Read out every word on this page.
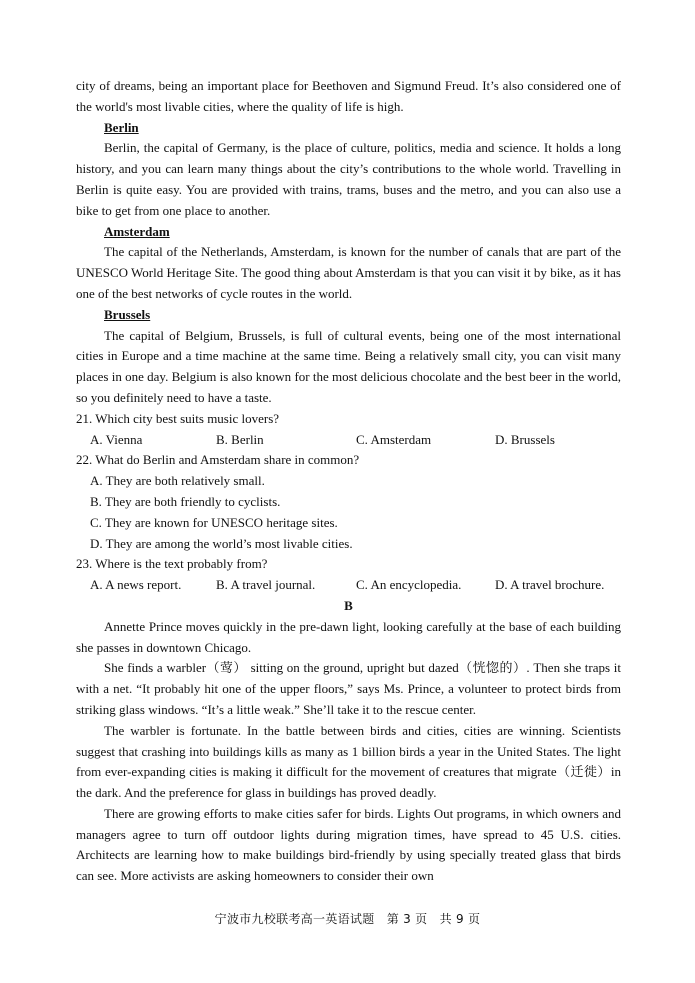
city of dreams, being an important place for Beethoven and Sigmund Freud. It’s also considered one of the world's most livable cities, where the quality of life is high.

Berlin

Berlin, the capital of Germany, is the place of culture, politics, media and science. It holds a long history, and you can learn many things about the city’s contributions to the whole world. Travelling in Berlin is quite easy. You are provided with trains, trams, buses and the metro, and you can also use a bike to get from one place to another.

Amsterdam

The capital of the Netherlands, Amsterdam, is known for the number of canals that are part of the UNESCO World Heritage Site. The good thing about Amsterdam is that you can visit it by bike, as it has one of the best networks of cycle routes in the world.

Brussels

The capital of Belgium, Brussels, is full of cultural events, being one of the most international cities in Europe and a time machine at the same time. Being a relatively small city, you can visit many places in one day. Belgium is also known for the most delicious chocolate and the best beer in the world, so you definitely need to have a taste.

21. Which city best suits music lovers?

A. Vienna	B. Berlin	C. Amsterdam	D. Brussels

22. What do Berlin and Amsterdam share in common?

A. They are both relatively small.

B. They are both friendly to cyclists.

C. They are known for UNESCO heritage sites.

D. They are among the world’s most livable cities.

23. Where is the text probably from?

A. A news report.	B. A travel journal.	C. An encyclopedia.	D. A travel brochure.

B

Annette Prince moves quickly in the pre-dawn light, looking carefully at the base of each building she passes in downtown Chicago.

She finds a warbler（莺） sitting on the ground, upright but dazed（恍惚的）. Then she traps it with a net. “It probably hit one of the upper floors,” says Ms. Prince, a volunteer to protect birds from striking glass windows. “It’s a little weak.” She’ll take it to the rescue center.

The warbler is fortunate. In the battle between birds and cities, cities are winning. Scientists suggest that crashing into buildings kills as many as 1 billion birds a year in the United States. The light from ever-expanding cities is making it difficult for the movement of creatures that migrate（迁徙）in the dark. And the preference for glass in buildings has proved deadly.

There are growing efforts to make cities safer for birds. Lights Out programs, in which owners and managers agree to turn off outdoor lights during migration times, have spread to 45 U.S. cities. Architects are learning how to make buildings bird-friendly by using specially treated glass that birds can see. More activists are asking homeowners to consider their own

宁波市九校联考高一英语试题 第 3 页 共 9 页
